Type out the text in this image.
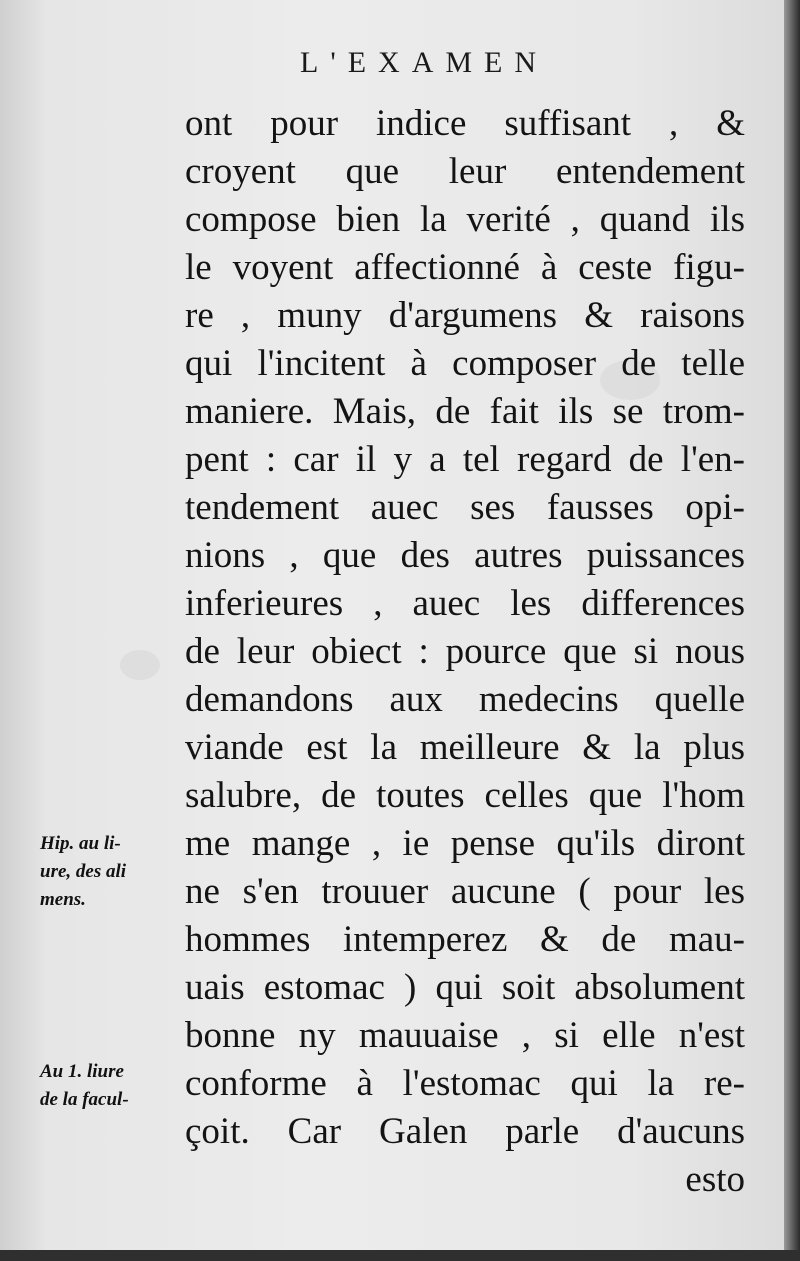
L'EXAMEN
ont pour indice suffisant , &
croyent que leur entendement
compose bien la verité , quand ils
le voyent affectionné à ceste figu-
re , muny d'argumens & raisons
qui l'incitent à composer de telle
maniere. Mais, de fait ils se trom-
pent : car il y a tel regard de l'en-
tendement auec ses fausses opi-
nions , que des autres puissances
inferieures , auec les differences
de leur obiect : pource que si nous
demandons aux medecins quelle
viande est la meilleure & la plus
salubre, de toutes celles que l'hom
me mange , ie pense qu'ils diront
ne s'en trouuer aucune ( pour les
hommes intemperez & de mau-
uais estomac ) qui soit absolument
bonne ny mauuaise , si elle n'est
conforme à l'estomac qui la re-
çoit. Car Galen parle d'aucuns
esto
Hip. au li-
ure, des ali
mens.
Au 1. liure
de la facul-
